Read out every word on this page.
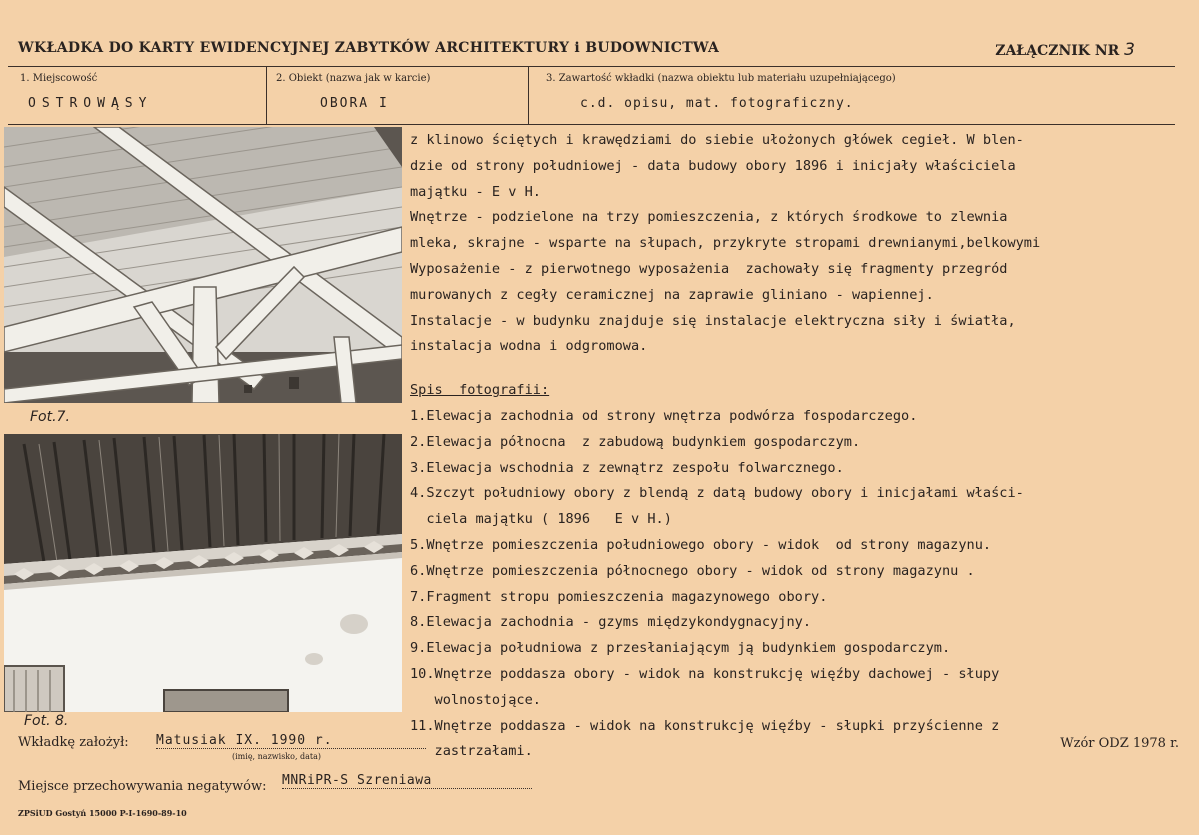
WKŁADKA DO KARTY EWIDENCYJNEJ ZABYTKÓW ARCHITEKTURY i BUDOWNICTWA	ZAŁĄCZNIK NR 3
1. Miejscowość
OSTROWĄSY
2. Obiekt (nazwa jak w karcie)
OBORA I
3. Zawartość wkładki (nazwa obiektu lub materiału uzupełniającego)
c.d. opisu, mat. fotograficzny.
Fot.7.
Fot. 8.
z klinowo ściętych i krawędziami do siebie ułożonych główek cegieł. W blen-
dzie od strony południowej - data budowy obory 1896 i inicjały właściciela
majątku - E v H.
Wnętrze - podzielone na trzy pomieszczenia, z których środkowe to zlewnia
mleka, skrajne - wsparte na słupach, przykryte stropami drewnianymi,belkowymi
Wyposażenie - z pierwotnego wyposażenia  zachowały się fragmenty przegród
murowanych z cegły ceramicznej na zaprawie gliniano - wapiennej.
Instalacje - w budynku znajduje się instalacje elektryczna siły i światła,
instalacja wodna i odgromowa.
Spis  fotografii:
1.Elewacja zachodnia od strony wnętrza podwórza fospodarczego.
2.Elewacja północna  z zabudową budynkiem gospodarczym.
3.Elewacja wschodnia z zewnątrz zespołu folwarcznego.
4.Szczyt południowy obory z blendą z datą budowy obory i inicjałami właści-
ciela majątku ( 1896   E v H.)
5.Wnętrze pomieszczenia południowego obory - widok  od strony magazynu.
6.Wnętrze pomieszczenia północnego obory - widok od strony magazynu .
7.Fragment stropu pomieszczenia magazynowego obory.
8.Elewacja zachodnia - gzyms międzykondygnacyjny.
9.Elewacja południowa z przesłaniającym ją budynkiem gospodarczym.
10.Wnętrze poddasza obory - widok na konstrukcję więźby dachowej - słupy
wolnostojące.
11.Wnętrze poddasza - widok na konstrukcję więźby - słupki przyścienne z
zastrzałami.
Wkładkę założył: Matusiak IX. 1990 r.
(imię, nazwisko, data)
Wzór ODZ 1978 r.
Miejsce przechowywania negatywów: MNRiPR-S Szreniawa
ZPSiUD Gostyń 15000 P-I-1690-89-10
